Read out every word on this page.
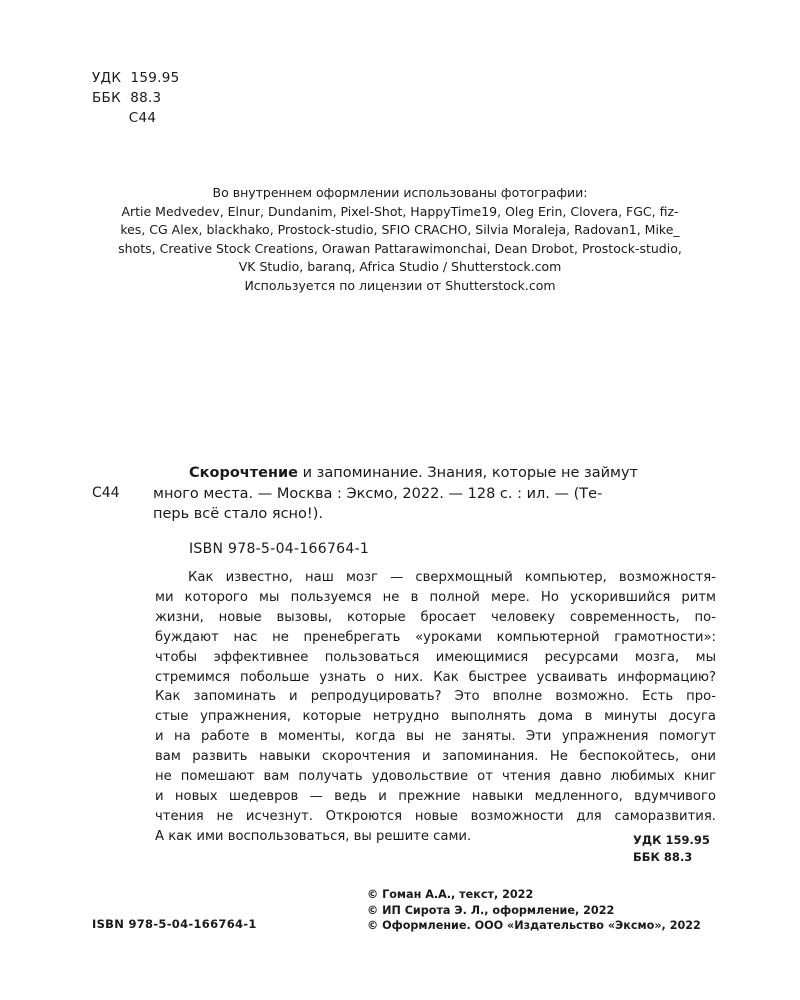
УДК  159.95
ББК  88.3
С44
Во внутреннем оформлении использованы фотографии:
Artie Medvedev, Elnur, Dundanim, Pixel-Shot, HappyTime19, Oleg Erin, Clovera, FGC, fiz-
kes, CG Alex, blackhako, Prostock-studio, SFIO CRACHO, Silvia Moraleja, Radovan1, Mike_
shots, Creative Stock Creations, Orawan Pattarawimonchai, Dean Drobot, Prostock-studio,
VK Studio, baranq, Africa Studio / Shutterstock.com
Используется по лицензии от Shutterstock.com
С44
Скорочтение и запоминание. Знания, которые не займут
много места. — Москва : Эксмо, 2022. — 128 с. : ил. — (Те-
перь всё стало ясно!).
ISBN 978-5-04-166764-1
Как известно, наш мозг — сверхмощный компьютер, возможностя-
ми которого мы пользуемся не в полной мере. Но ускорившийся ритм
жизни, новые вызовы, которые бросает человеку современность, по-
буждают нас не пренебрегать «уроками компьютерной грамотности»:
чтобы эффективнее пользоваться имеющимися ресурсами мозга, мы
стремимся побольше узнать о них. Как быстрее усваивать информацию?
Как запоминать и репродуцировать? Это вполне возможно. Есть про-
стые упражнения, которые нетрудно выполнять дома в минуты досуга
и на работе в моменты, когда вы не заняты. Эти упражнения помогут
вам развить навыки скорочтения и запоминания. Не беспокойтесь, они
не помешают вам получать удовольствие от чтения давно любимых книг
и новых шедевров — ведь и прежние навыки медленного, вдумчивого
чтения не исчезнут. Откроются новые возможности для саморазвития.
А как ими воспользоваться, вы решите сами.	УДК 159.95
ББК 88.3
© Гоман А.А., текст, 2022
© ИП Сирота Э. Л., оформление, 2022
© Оформление. ООО «Издательство «Эксмо», 2022
ISBN 978-5-04-166764-1
